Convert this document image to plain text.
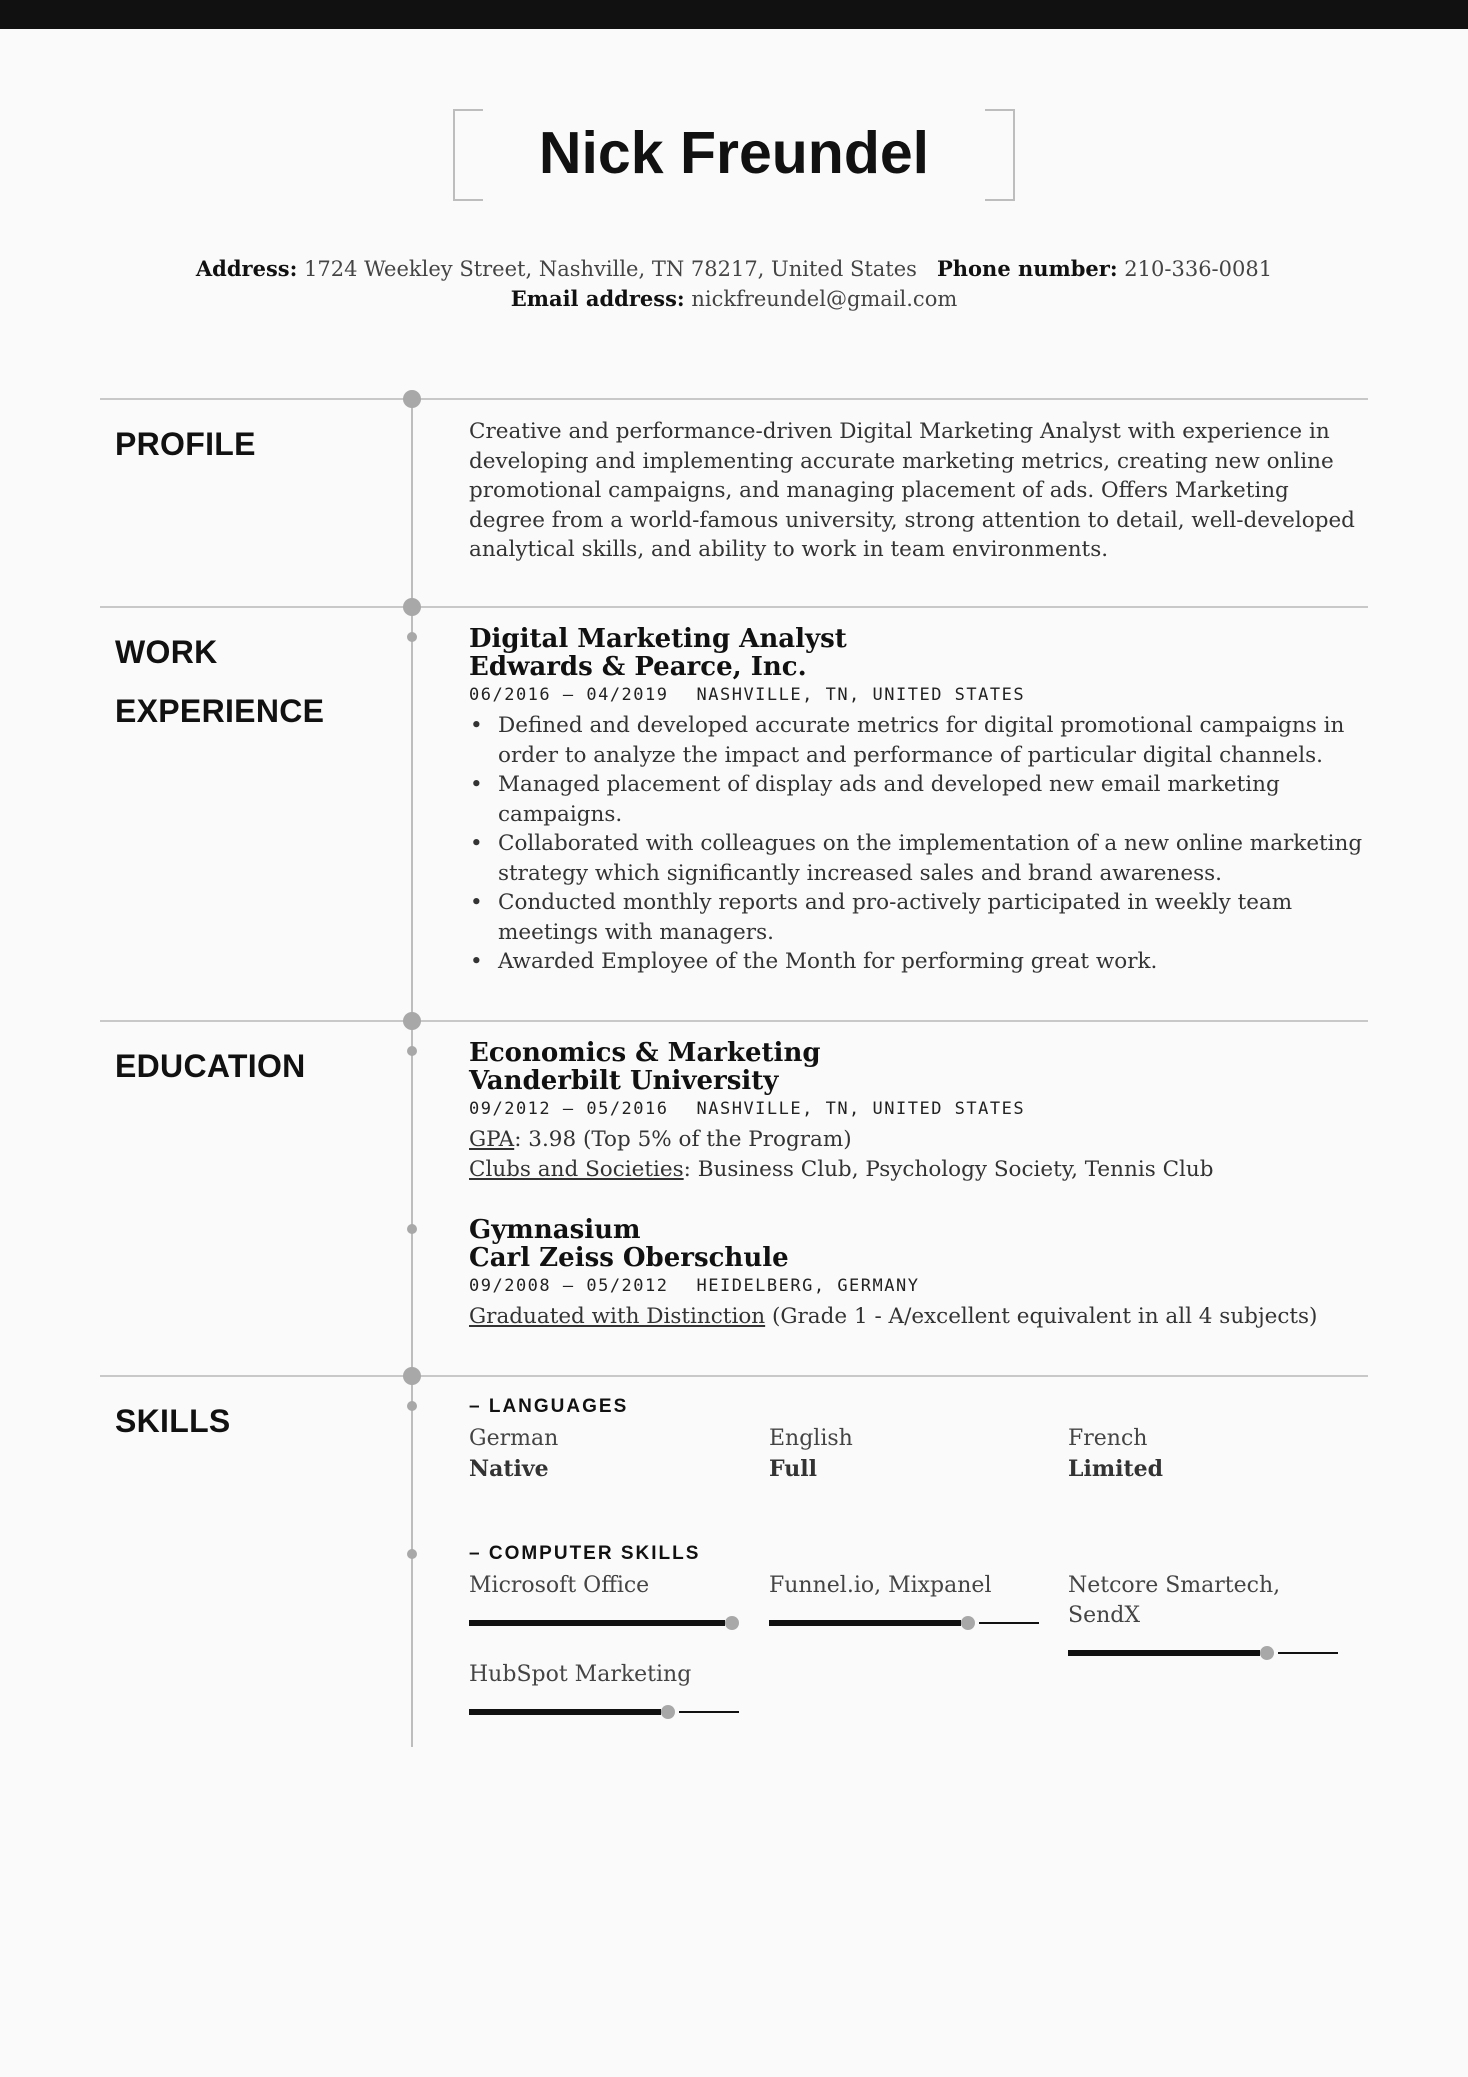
Nick Freundel
Address: 1724 Weekley Street, Nashville, TN 78217, United States Phone number: 210-336-0081
Email address: nickfreundel@gmail.com
PROFILE	Creative and performance-driven Digital Marketing Analyst with experience in developing and implementing accurate marketing metrics, creating new online promotional campaigns, and managing placement of ads. Offers Marketing degree from a world-famous university, strong attention to detail, well-developed analytical skills, and ability to work in team environments.

WORK
EXPERIENCE
Digital Marketing Analyst
Edwards & Pearce, Inc.
06/2016 — 04/2019 NASHVILLE, TN, UNITED STATES
• Defined and developed accurate metrics for digital promotional campaigns in order to analyze the impact and performance of particular digital channels.
• Managed placement of display ads and developed new email marketing campaigns.
• Collaborated with colleagues on the implementation of a new online marketing strategy which significantly increased sales and brand awareness.
• Conducted monthly reports and pro-actively participated in weekly team meetings with managers.
• Awarded Employee of the Month for performing great work.
EDUCATION	Economics & Marketing
Vanderbilt University
09/2012 — 05/2016 NASHVILLE, TN, UNITED STATES
GPA: 3.98 (Top 5% of the Program)
Clubs and Societies: Business Club, Psychology Society, Tennis Club
Gymnasium
Carl Zeiss Oberschule
09/2008 — 05/2012 HEIDELBERG, GERMANY
Graduated with Distinction (Grade 1 - A/excellent equivalent in all 4 subjects)
SKILLS	– LANGUAGES
German
Native
English
Full
French
Limited
– COMPUTER SKILLS
Microsoft Office	Funnel.io, Mixpanel	Netcore Smartech, SendX
HubSpot Marketing
